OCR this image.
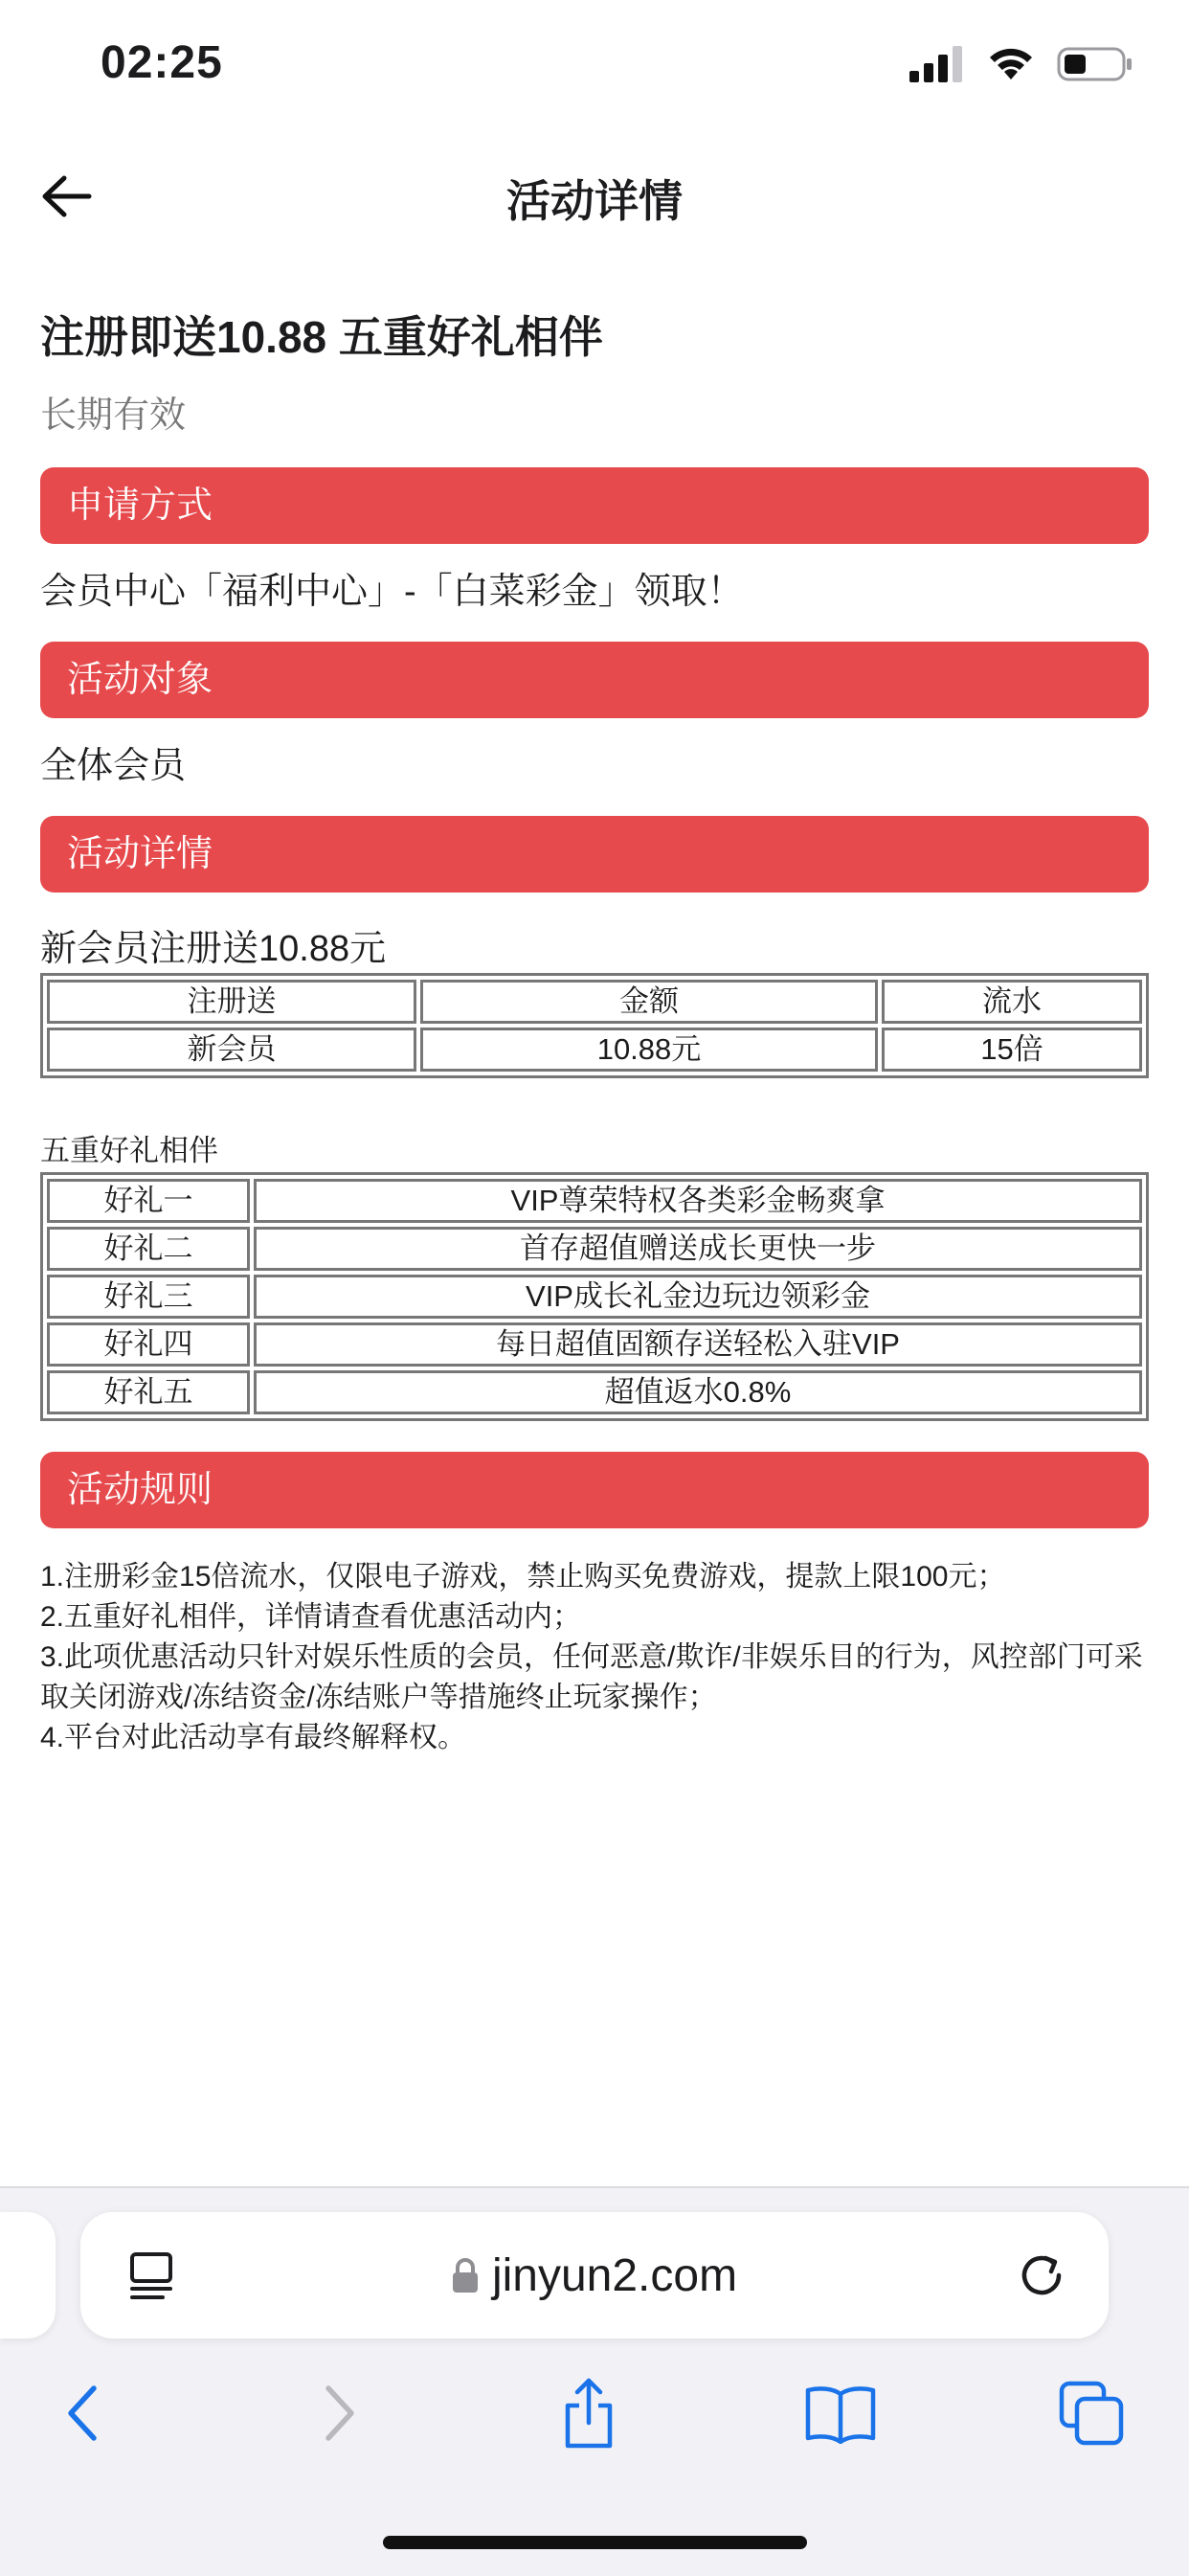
02:25
活动详情
注册即送10.88 五重好礼相伴
长期有效
申请方式
会员中心「福利中心」-「白菜彩金」领取！
活动对象
全体会员
活动详情
新会员注册送10.88元
注册送	金额	流水
新会员	10.88元	15倍
五重好礼相伴
好礼一	VIP尊荣特权各类彩金畅爽拿
好礼二	首存超值赠送成长更快一步
好礼三	VIP成长礼金边玩边领彩金
好礼四	每日超值固额存送轻松入驻VIP
好礼五	超值返水0.8%
活动规则

1.注册彩金15倍流水，仅限电子游戏，禁止购买免费游戏，提款上限100元；

2.五重好礼相伴，详情请查看优惠活动内；

3.此项优惠活动只针对娱乐性质的会员，任何恶意/欺诈/非娱乐目的行为，风控部门可采取关闭游戏/冻结资金/冻结账户等措施终止玩家操作；

4.平台对此活动享有最终解释权。

jinyun2.com
